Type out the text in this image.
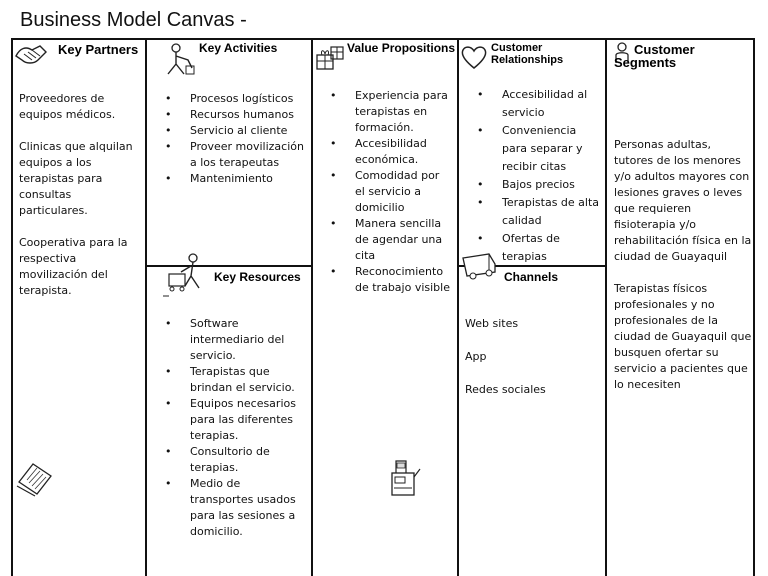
Business Model Canvas -
Key Partners

Proveedores de equipos médicos.

Clinicas que alquilan equipos a los terapistas para consultas particulares.

Cooperativa para la respectiva movilización del terapista.

Key Activities
• Procesos logísticos
• Recursos humanos
• Servicio al cliente
• Proveer movilización a los terapeutas
• Mantenimiento
Key Resources
• Software intermediario del servicio.
• Terapistas que brindan el servicio.
• Equipos necesarios para las diferentes terapias.
• Consultorio de terapias.
• Medio de transportes usados para las sesiones a domicilio.
Value Propositions
• Experiencia para terapistas en formación.
• Accesibilidad económica.
• Comodidad por el servicio a domicilio
• Manera sencilla de agendar una cita
• Reconocimiento de trabajo visible
Customer
Relationships
• Accesibilidad al servicio
• Conveniencia para separar y recibir citas
• Bajos precios
• Terapistas de alta calidad
• Ofertas de terapias
Channels
Web sites
App
Redes sociales
Customer
Segments

Personas adultas, tutores de los menores y/o adultos mayores con lesiones graves o leves que requieren fisioterapia y/o rehabilitación física en la ciudad de Guayaquil

Terapistas físicos profesionales y no profesionales de la ciudad de Guayaquil que busquen ofertar su servicio a pacientes que lo necesiten
